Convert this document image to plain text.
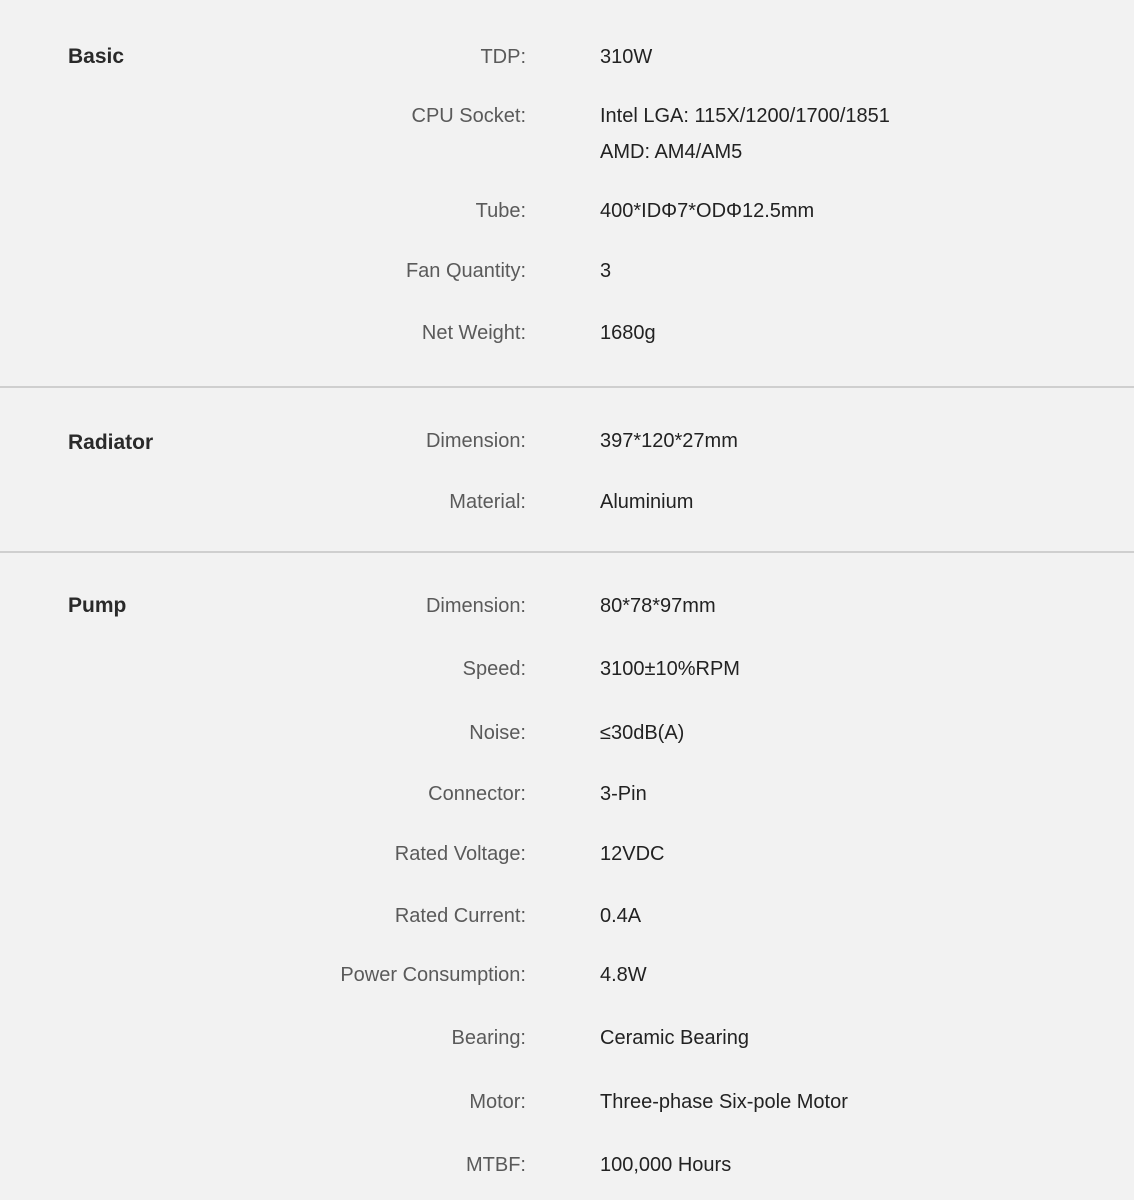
Basic	TDP:	310W
CPU Socket:	Intel LGA: 115X/1200/1700/1851
AMD: AM4/AM5
Tube:	400*IDΦ7*ODΦ12.5mm
Fan Quantity:	3
Net Weight:	1680g
Radiator	Dimension:	397*120*27mm
Material:	Aluminium
Pump	Dimension:	80*78*97mm
Speed:	3100±10%RPM
Noise:	≤30dB(A)
Connector:	3-Pin
Rated Voltage:	12VDC
Rated Current:	0.4A
Power Consumption:	4.8W
Bearing:	Ceramic Bearing
Motor:	Three-phase Six-pole Motor
MTBF:	100,000 Hours
